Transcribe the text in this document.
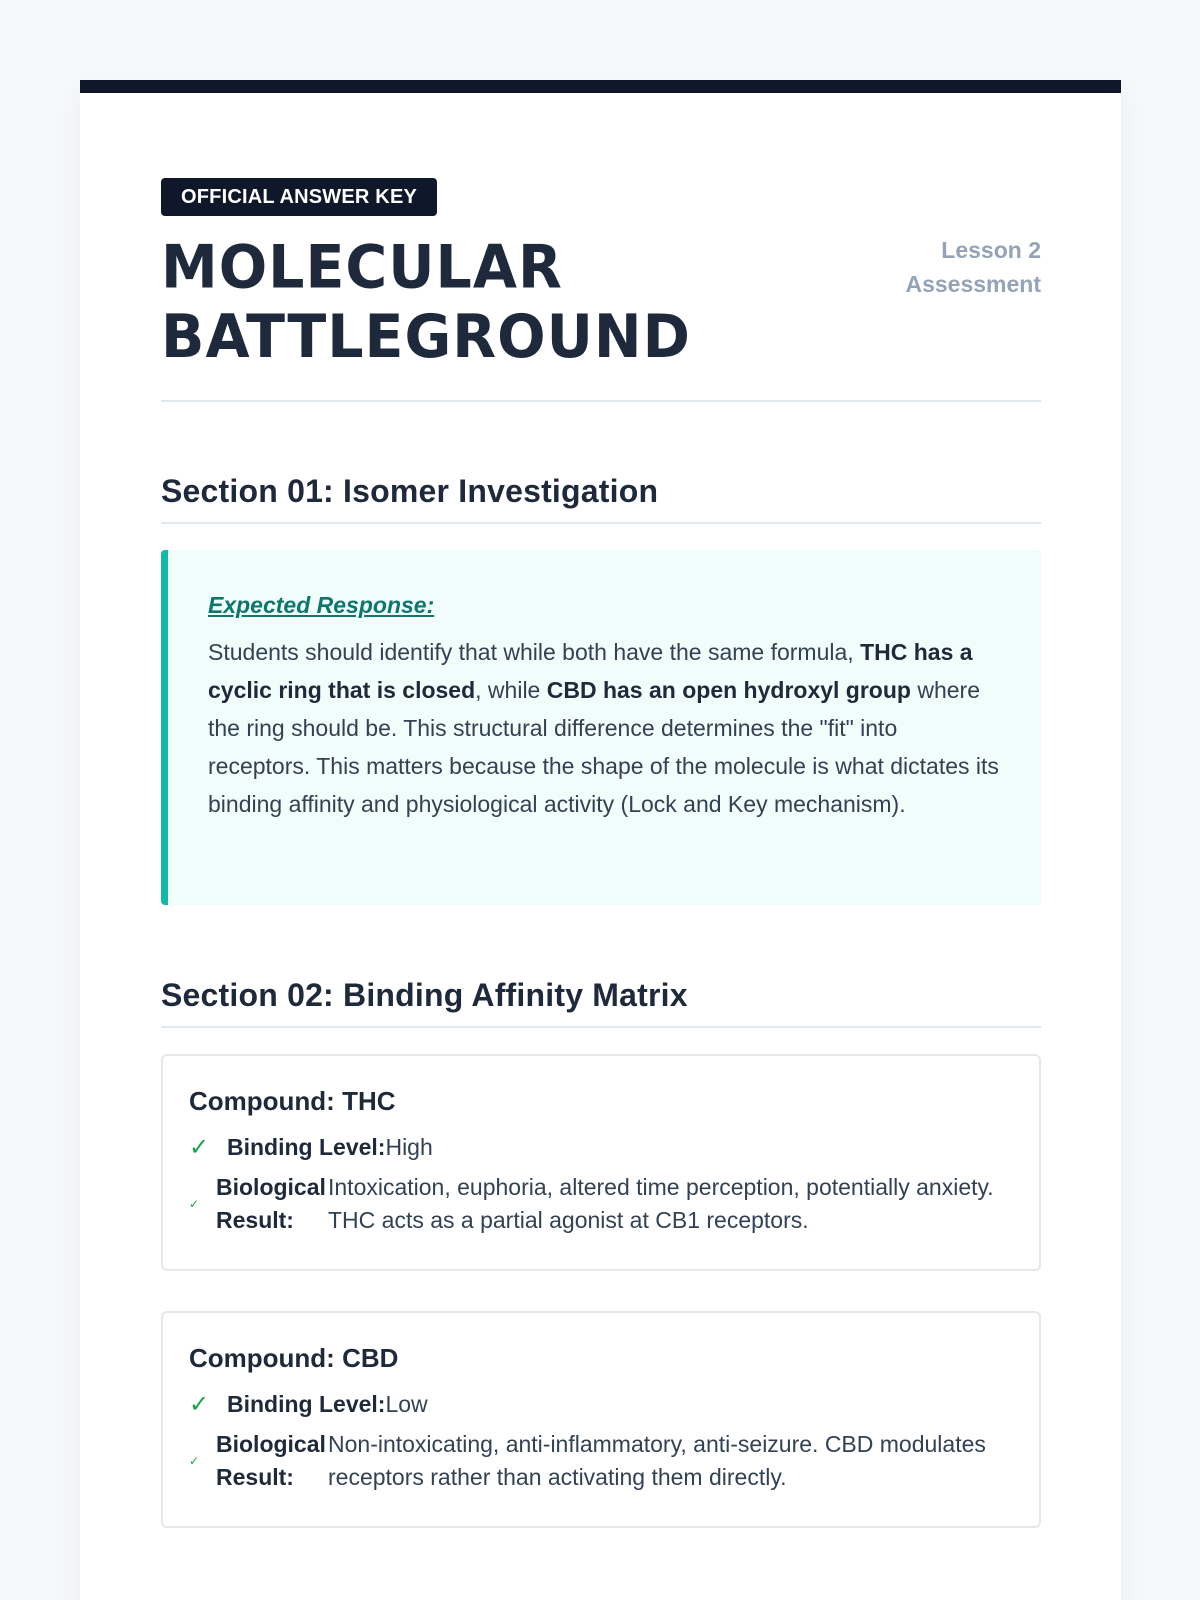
OFFICIAL ANSWER KEY
MOLECULAR
BATTLEGROUND
Lesson 2
Assessment
Section 01: Isomer Investigation
Expected Response:

Students should identify that while both have the same formula, THC has a cyclic ring that is closed, while CBD has an open hydroxyl group where the ring should be. This structural difference determines the "fit" into receptors. This matters because the shape of the molecule is what dictates its binding affinity and physiological activity (Lock and Key mechanism).

Section 02: Binding Affinity Matrix
Compound: THC
✓ Binding Level: High
✓
Biological Result:
Intoxication, euphoria, altered time perception, potentially anxiety. THC acts as a partial agonist at CB1 receptors.
Compound: CBD
✓ Binding Level: Low
✓
Biological Result:
Non-intoxicating, anti-inflammatory, anti-seizure. CBD modulates receptors rather than activating them directly.
